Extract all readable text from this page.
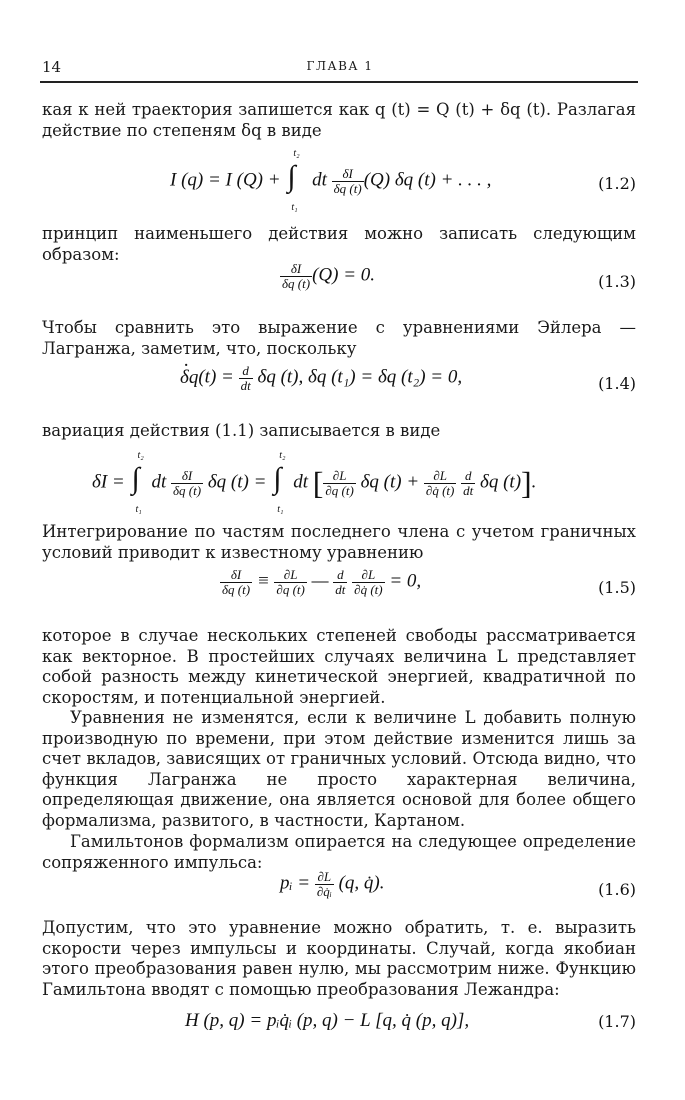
14	ГЛАВА 1

кая к ней траектория запишется как q (t) = Q (t) + δq (t). Разлагая действие по степеням δq в виде

I (q) = I (Q) + ∫
t₂
t₁
dt $\frac{\delta I}{\delta q (t)} (Q)$ δq (t) + . . . ,	(1.2)

принцип наименьшего действия можно записать следующим образом:

$\frac{\delta I}{\delta q (t)} (Q) = 0$.	(1.3)

Чтобы сравнить это выражение с уравнениями Эйлера — Лагранжа, заметим, что, поскольку

$\delta q \cdot(t) = \frac{d}{dt}$ δq (t), δq (t₁) = δq (t₂) = 0,	(1.4)

вариация действия (1.1) записывается в виде

δI = ∫
t₂
t₁
dt $\frac{\delta I}{\delta q (t)}$ δq (t) = ∫
t₂
t₁
dt [ $\frac{\partial L}{\partial q (t)}$ δq $(t) + \frac{\partial L}{\partial q̇ (t)}$
$\frac{d}{dt}$ δq (t)].

Интегрирование по частям последнего члена с учетом граничных условий приводит к известному уравнению

$\frac{\delta I}{\delta q (t)} \equiv \frac{\partial L}{\partial q (t)}$ — $\frac{d}{dt}$
$\frac{\partial L}{\partial q̇ (t)} = 0$,	(1.5)

которое в случае нескольких степеней свободы рассматривается как векторное. В простейших случаях величина L представляет собой разность между кинетической энергией, квадратичной по скоростям, и потенциальной энергией.

Уравнения не изменятся, если к величине L добавить полную производную по времени, при этом действие изменится лишь за счет вкладов, зависящих от граничных условий. Отсюда видно, что функция Лагранжа не просто характерная величина, определяющая движение, она является основой для более общего формализма, развитого, в частности, Картаном.

Гамильтонов формализм опирается на следующее определение сопряженного импульса:

pᵢ = $\frac{\partial L}{\text{∂q̇ᵢ}} (q$, q̇).	(1.6)

Допустим, что это уравнение можно обратить, т. е. выразить скорости через импульсы и координаты. Случай, когда якобиан этого преобразования равен нулю, мы рассмотрим ниже. Функцию Гамильтона вводят с помощью преобразования Лежандра:

H (p, q) = pᵢq̇ᵢ (p, q) − L [q, q̇ (p, q)],	(1.7)
